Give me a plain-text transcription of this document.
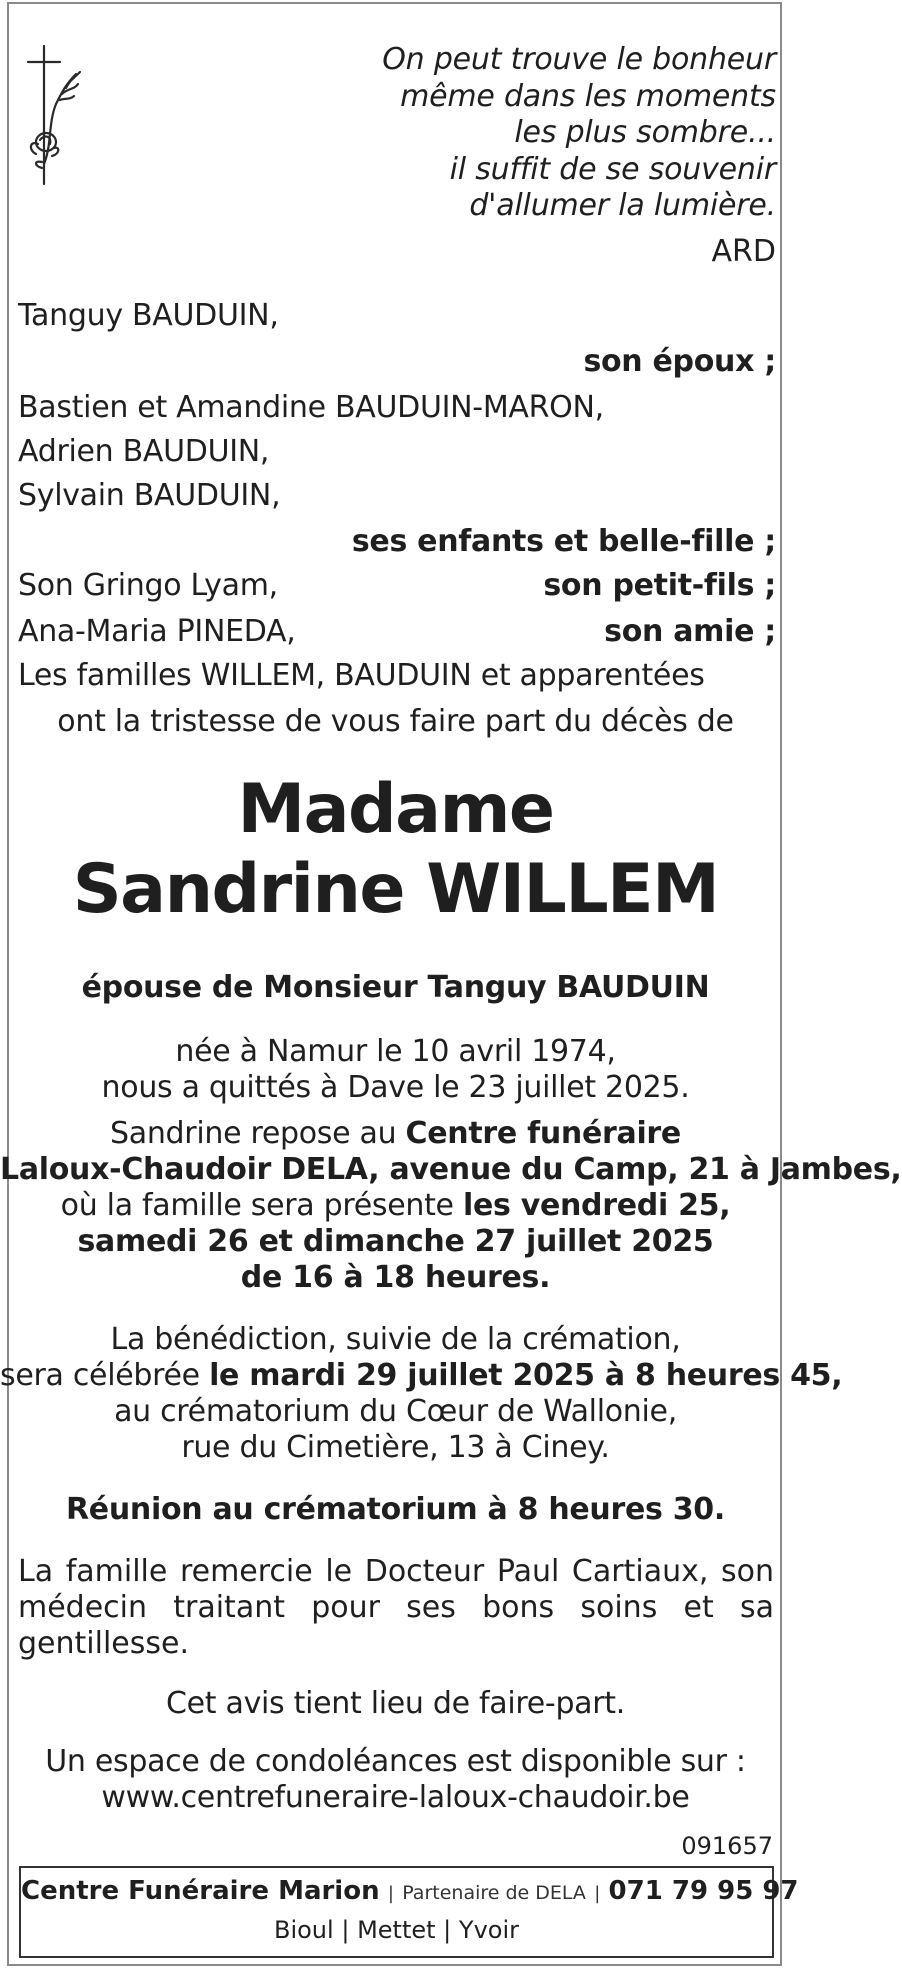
On peut trouve le bonheur
même dans les moments
les plus sombre...
il suffit de se souvenir
d'allumer la lumière.
ARD
Tanguy BAUDUIN,
son époux ;
Bastien et Amandine BAUDUIN-MARON,
Adrien BAUDUIN,
Sylvain BAUDUIN,
ses enfants et belle-fille ;
Son Gringo Lyam,	son petit-fils ;
Ana-Maria PINEDA,	son amie ;
Les familles WILLEM, BAUDUIN et apparentées
ont la tristesse de vous faire part du décès de
Madame
Sandrine WILLEM
épouse de Monsieur Tanguy BAUDUIN
née à Namur le 10 avril 1974,
nous a quittés à Dave le 23 juillet 2025.
Sandrine repose au Centre funéraire
Laloux-Chaudoir DELA, avenue du Camp, 21 à Jambes,
où la famille sera présente les vendredi 25,
samedi 26 et dimanche 27 juillet 2025
de 16 à 18 heures.
La bénédiction, suivie de la crémation,
sera célébrée le mardi 29 juillet 2025 à 8 heures 45,
au crématorium du Cœur de Wallonie,
rue du Cimetière, 13 à Ciney.
Réunion au crématorium à 8 heures 30.
La famille remercie le Docteur Paul Cartiaux, son médecin traitant pour ses bons soins et sa gentillesse.
Cet avis tient lieu de faire-part.
Un espace de condoléances est disponible sur :
www.centrefuneraire-laloux-chaudoir.be
091657
Centre Funéraire Marion | Partenaire de DELA | 071 79 95 97
Bioul | Mettet | Yvoir
